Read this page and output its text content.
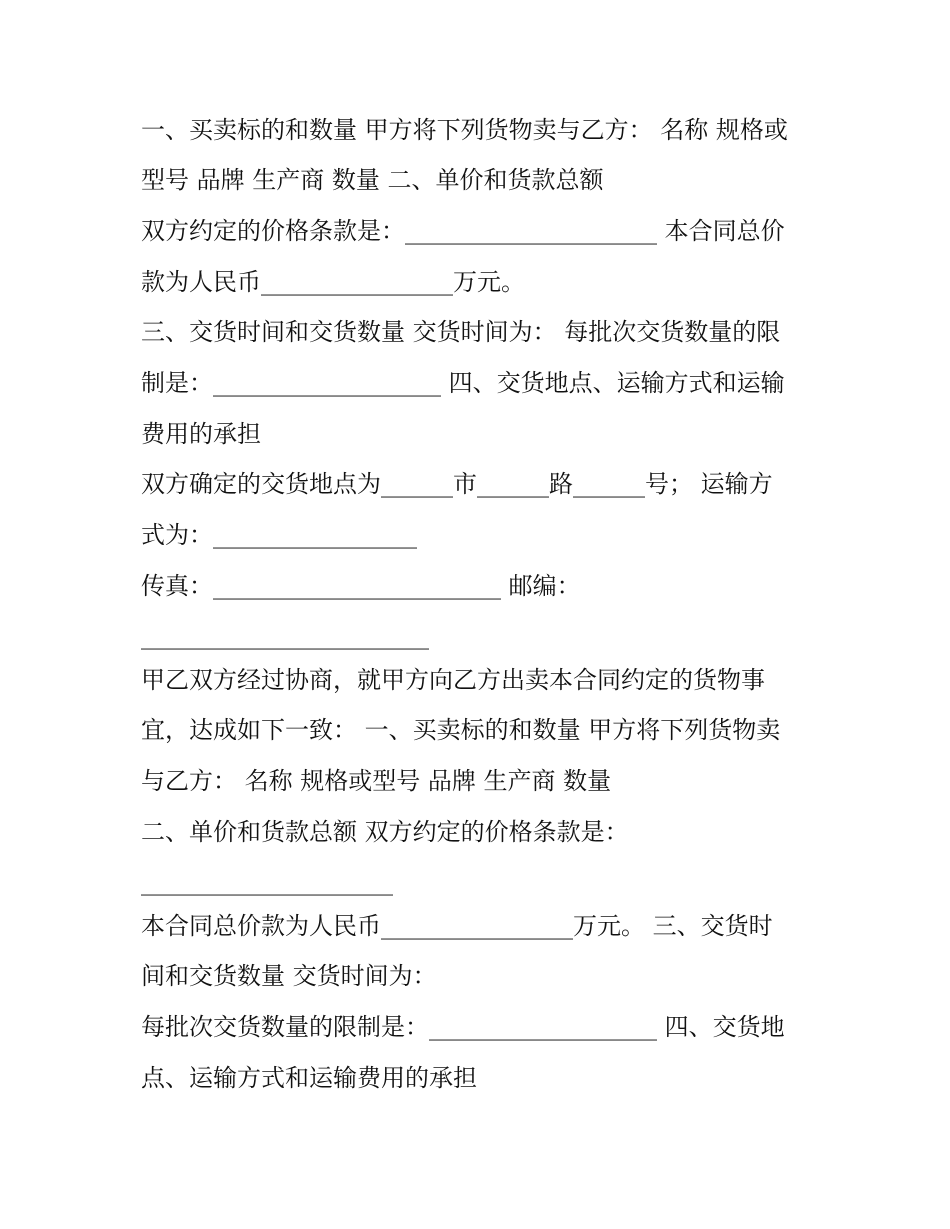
一、买卖标的和数量 甲方将下列货物卖与乙方： 名称 规格或
型号 品牌 生产商 数量 二、单价和货款总额
双方约定的价格条款是：_____________________ 本合同总价
款为人民币________________万元。
三、交货时间和交货数量 交货时间为： 每批次交货数量的限
制是：___________________ 四、交货地点、运输方式和运输
费用的承担
双方确定的交货地点为______市______路______号； 运输方
式为：_________________
传真：________________________ 邮编：
________________________
甲乙双方经过协商，就甲方向乙方出卖本合同约定的货物事
宜，达成如下一致： 一、买卖标的和数量 甲方将下列货物卖
与乙方： 名称 规格或型号 品牌 生产商 数量
二、单价和货款总额 双方约定的价格条款是：
_____________________
本合同总价款为人民币________________万元。 三、交货时
间和交货数量 交货时间为：
每批次交货数量的限制是：___________________ 四、交货地
点、运输方式和运输费用的承担
